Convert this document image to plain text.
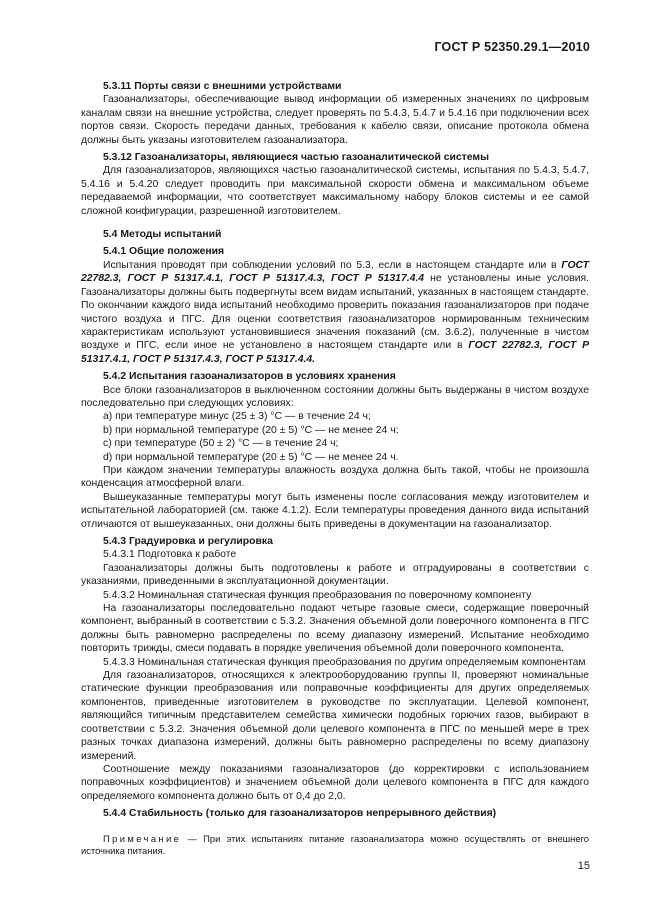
ГОСТ Р 52350.29.1—2010

5.3.11 Порты связи с внешними устройствами

Газоанализаторы, обеспечивающие вывод информации об измеренных значениях по цифровым каналам связи на внешние устройства, следует проверять по 5.4.3, 5.4.7 и 5.4.16 при подключении всех портов связи. Скорость передачи данных, требования к кабелю связи, описание протокола обмена должны быть указаны изготовителем газоанализатора.

5.3.12 Газоанализаторы, являющиеся частью газоаналитической системы

Для газоанализаторов, являющихся частью газоаналитической системы, испытания по 5.4.3, 5.4.7, 5.4.16 и 5.4.20 следует проводить при максимальной скорости обмена и максимальном объеме передаваемой информации, что соответствует максимальному набору блоков системы и ее самой сложной конфигурации, разрешенной изготовителем.

5.4 Методы испытаний

5.4.1 Общие положения

Испытания проводят при соблюдении условий по 5.3, если в настоящем стандарте или в ГОСТ 22782.3, ГОСТ Р 51317.4.1, ГОСТ Р 51317.4.3, ГОСТ Р 51317.4.4 не установлены иные условия. Газоанализаторы должны быть подвергнуты всем видам испытаний, указанных в настоящем стандарте. По окончании каждого вида испытаний необходимо проверить показания газоанализаторов при подаче чистого воздуха и ПГС. Для оценки соответствия газоанализаторов нормированным техническим характеристикам используют установившиеся значения показаний (см. 3.6.2), полученные в чистом воздухе и ПГС, если иное не установлено в настоящем стандарте или в ГОСТ 22782.3, ГОСТ Р 51317.4.1, ГОСТ Р 51317.4.3, ГОСТ Р 51317.4.4.

5.4.2 Испытания газоанализаторов в условиях хранения

Все блоки газоанализаторов в выключенном состоянии должны быть выдержаны в чистом воздухе последовательно при следующих условиях:

а) при температуре минус (25 ± 3) °С — в течение 24 ч;

b) при нормальной температуре (20 ± 5) °С — не менее 24 ч;

с) при температуре (50 ± 2) °С — в течение 24 ч;

d) при нормальной температуре (20 ± 5) °С — не менее 24 ч.

При каждом значении температуры влажность воздуха должна быть такой, чтобы не произошла конденсация атмосферной влаги.

Вышеуказанные температуры могут быть изменены после согласования между изготовителем и испытательной лабораторией (см. также 4.1.2). Если температуры проведения данного вида испытаний отличаются от вышеуказанных, они должны быть приведены в документации на газоанализатор.

5.4.3 Градуировка и регулировка

5.4.3.1 Подготовка к работе

Газоанализаторы должны быть подготовлены к работе и отградуированы в соответствии с указаниями, приведенными в эксплуатационной документации.

5.4.3.2 Номинальная статическая функция преобразования по поверочному компоненту

На газоанализаторы последовательно подают четыре газовые смеси, содержащие поверочный компонент, выбранный в соответствии с 5.3.2. Значения объемной доли поверочного компонента в ПГС должны быть равномерно распределены по всему диапазону измерений. Испытание необходимо повторить трижды, смеси подавать в порядке увеличения объемной доли поверочного компонента.

5.4.3.3 Номинальная статическая функция преобразования по другим определяемым компонентам

Для газоанализаторов, относящихся к электрооборудованию группы II, проверяют номинальные статические функции преобразования или поправочные коэффициенты для других определяемых компонентов, приведенные изготовителем в руководстве по эксплуатации. Целевой компонент, являющийся типичным представителем семейства химически подобных горючих газов, выбирают в соответствии с 5.3.2. Значения объемной доли целевого компонента в ПГС по меньшей мере в трех разных точках диапазона измерений, должны быть равномерно распределены по всему диапазону измерений.

Соотношение между показаниями газоанализаторов (до корректировки с использованием поправочных коэффициентов) и значением объемной доли целевого компонента в ПГС для каждого определяемого компонента должно быть от 0,4 до 2,0.

5.4.4 Стабильность (только для газоанализаторов непрерывного действия)

Примечание — При этих испытаниях питание газоанализатора можно осуществлять от внешнего источника питания.

15
